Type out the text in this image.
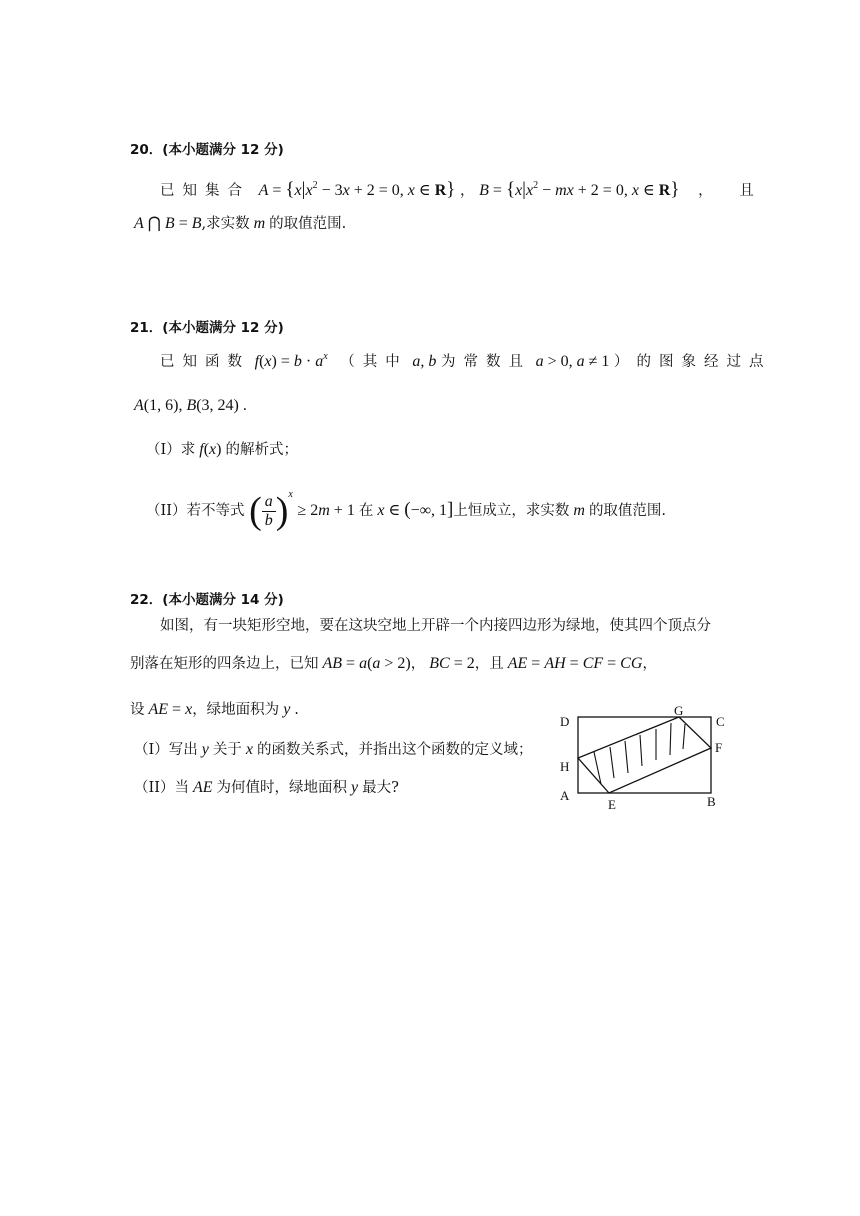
20．(本小题满分 12 分)
已知集合 $A = \{x|x^2 - 3x + 2 = 0$, x ∈ R} ， $B = \{x|x^2$ − mx + 2 = 0, x ∈ R} ， 且
A ⋂ B = B,求实数 m 的取值范围.
21．(本小题满分 12 分)
已知函数 $f(x) = b \cdot a^x$ （其中 a, b 为常数且 a > 0, a ≠ 1 ）的图象经过点
A(1, 6), B(3, 24) .
（I）求 f(x) 的解析式；
（II）若不等式 ( $\frac{a}{b} )^x \ge 2m + 1$ 在 x ∈ (−∞, 1]上恒成立，求实数 m 的取值范围.
22．(本小题满分 14 分)
如图，有一块矩形空地，要在这块空地上开辟一个内接四边形为绿地，使其四个顶点分
别落在矩形的四条边上，已知 AB = a(a > 2)， BC = 2，且 AE = AH = CF = CG，
设 AE = x，绿地面积为 y .
（I）写出 y 关于 x 的函数关系式，并指出这个函数的定义域；
（II）当 AE 为何值时，绿地面积 y 最大?
D
G
C
F
H
A
E	B
